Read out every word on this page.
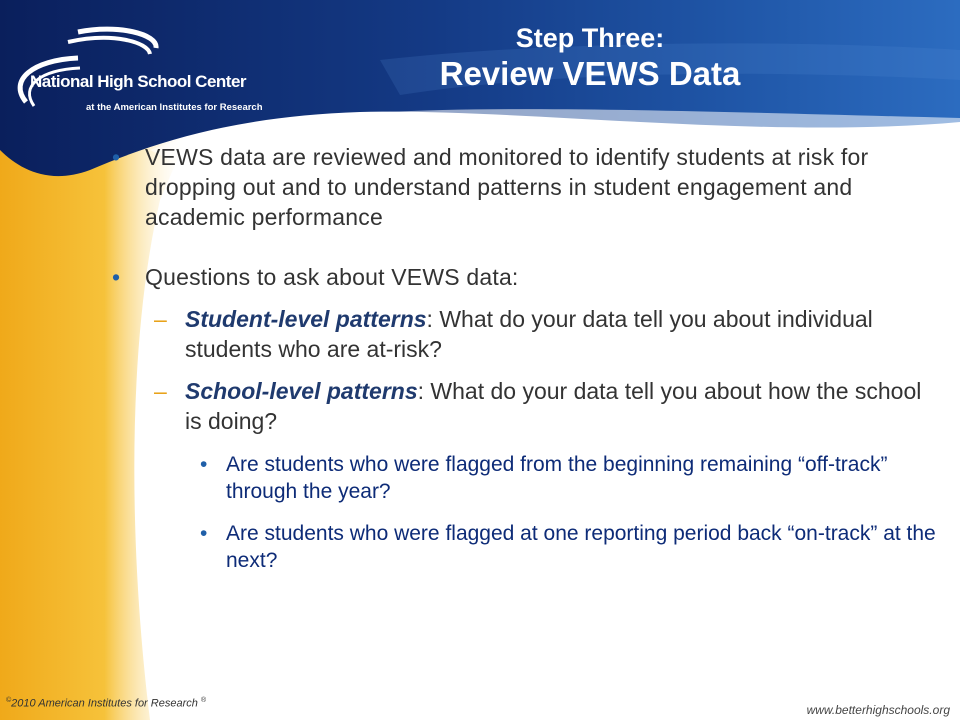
National High School Center
at the American Institutes for Research
Step Three:
Review VEWS Data
• VEWS data are reviewed and monitored to identify students at risk for dropping out and to understand patterns in student engagement and academic performance
• Questions to ask about VEWS data:
– Student-level patterns: What do your data tell you about individual students who are at-risk?
– School-level patterns: What do your data tell you about how the school is doing?
• Are students who were flagged from the beginning remaining “off-track” through the year?
• Are students who were flagged at one reporting period back “on-track” at the next?
©2010 American Institutes for Research ®
www.betterhighschools.org
